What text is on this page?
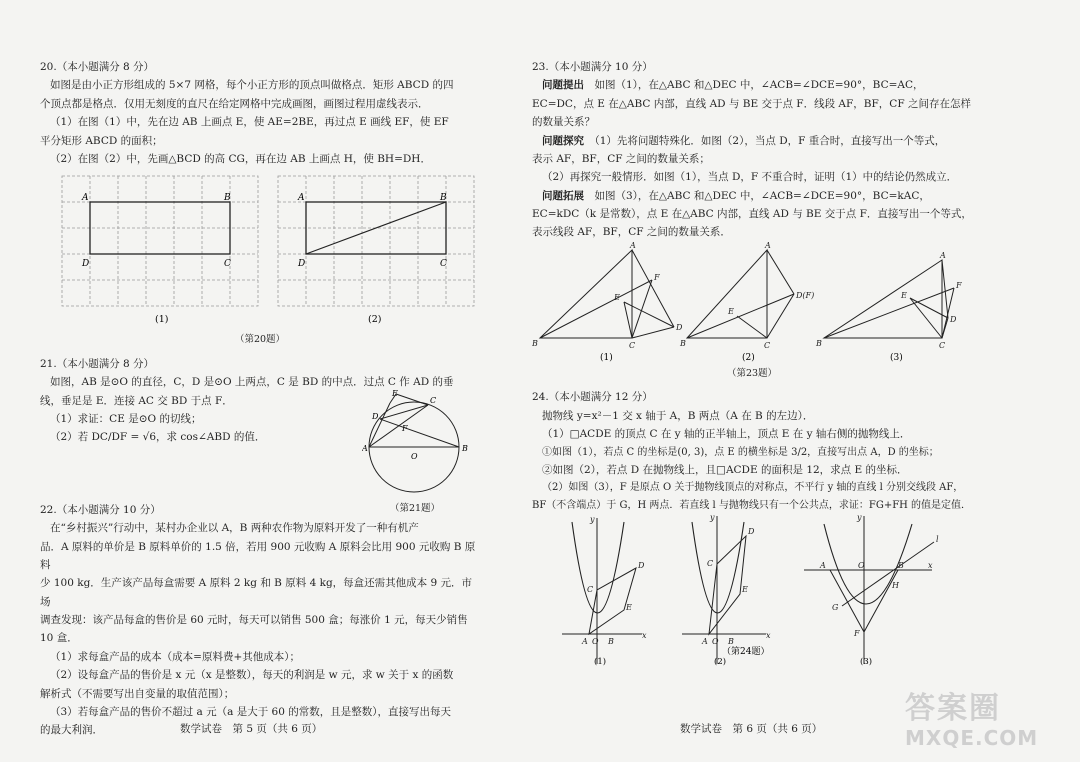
20.（本小题满分 8 分）
如图是由小正方形组成的 5×7 网格，每个小正方形的顶点叫做格点．矩形 ABCD 的四
个顶点都是格点．仅用无刻度的直尺在给定网格中完成画图，画图过程用虚线表示．
（1）在图（1）中，先在边 AB 上画点 E，使 AE=2BE，再过点 E 画线 EF，使 EF
平分矩形 ABCD 的面积；
（2）在图（2）中，先画△BCD 的高 CG，再在边 AB 上画点 H，使 BH=DH．
A	B
D	C
A	B
D	C
(1)	(2)
（第20题）
21.（本小题满分 8 分）
如图，AB 是⊙O 的直径，C，D 是⊙O 上两点，C 是 BD 的中点．过点 C 作 AD 的垂
线，垂足是 E．连接 AC 交 BD 于点 F．
（1）求证：CE 是⊙O 的切线；
（2）若 DC/DF = √6，求 cos∠ABD 的值．
A	B
C
D
E
F
O
（第21题）
22.（本小题满分 10 分）
在“乡村振兴”行动中，某村办企业以 A，B 两种农作物为原料开发了一种有机产
品．A 原料的单价是 B 原料单价的 1.5 倍，若用 900 元收购 A 原料会比用 900 元收购 B 原料
少 100 kg．生产该产品每盒需要 A 原料 2 kg 和 B 原料 4 kg，每盒还需其他成本 9 元．市场
调查发现：该产品每盒的售价是 60 元时，每天可以销售 500 盒；每涨价 1 元，每天少销售
10 盒．
（1）求每盒产品的成本（成本=原料费+其他成本）；
（2）设每盒产品的售价是 x 元（x 是整数），每天的利润是 w 元，求 w 关于 x 的函数
解析式（不需要写出自变量的取值范围）；
（3）若每盒产品的售价不超过 a 元（a 是大于 60 的常数，且是整数），直接写出每天
的最大利润．	数学试卷　第 5 页（共 6 页）
23.（本小题满分 10 分）
问题提出　如图（1），在△ABC 和△DEC 中，∠ACB=∠DCE=90°，BC=AC，
EC=DC，点 E 在△ABC 内部，直线 AD 与 BE 交于点 F．线段 AF，BF，CF 之间存在怎样
的数量关系？
问题探究　 （1）先将问题特殊化．如图（2），当点 D，F 重合时，直接写出一个等式，
表示 AF，BF，CF 之间的数量关系；
（2）再探究一般情形．如图（1），当点 D，F 不重合时，证明（1）中的结论仍然成立．
问题拓展　如图（3），在△ABC 和△DEC 中，∠ACB=∠DCE=90°，BC=kAC，
EC=kDC（k 是常数），点 E 在△ABC 内部，直线 AD 与 BE 交于点 F．直接写出一个等式，
表示线段 AF，BF，CF 之间的数量关系．
B	C
A
F
E
D
B	C
A
D(F)
E
B	C
A
F
E
D
(1)	(2)	(3)
（第23题）
24.（本小题满分 12 分）
抛物线 y=x²－1 交 x 轴于 A，B 两点（A 在 B 的左边）．
（1）□ACDE 的顶点 C 在 y 轴的正半轴上，顶点 E 在 y 轴右侧的抛物线上．
①如图（1），若点 C 的坐标是(0, 3)，点 E 的横坐标是 3/2，直接写出点 A，D 的坐标；
②如图（2），若点 D 在抛物线上，且□ACDE 的面积是 12，求点 E 的坐标．
（2）如图（3），F 是原点 O 关于抛物线顶点的对称点，不平行 y 轴的直线 l 分别交线段 AF，
BF（不含端点）于 G，H 两点．若直线 l 与抛物线只有一个公共点，求证：FG+FH 的值是定值．
y
x
A O B
C
D
E
(1)
y
x
A O B
C
D
E
(2)
y
x
l
A	O	B
G
H
F
(3)
（第24题）
数学试卷　第 6 页（共 6 页）
答案圈
MXQE.COM
